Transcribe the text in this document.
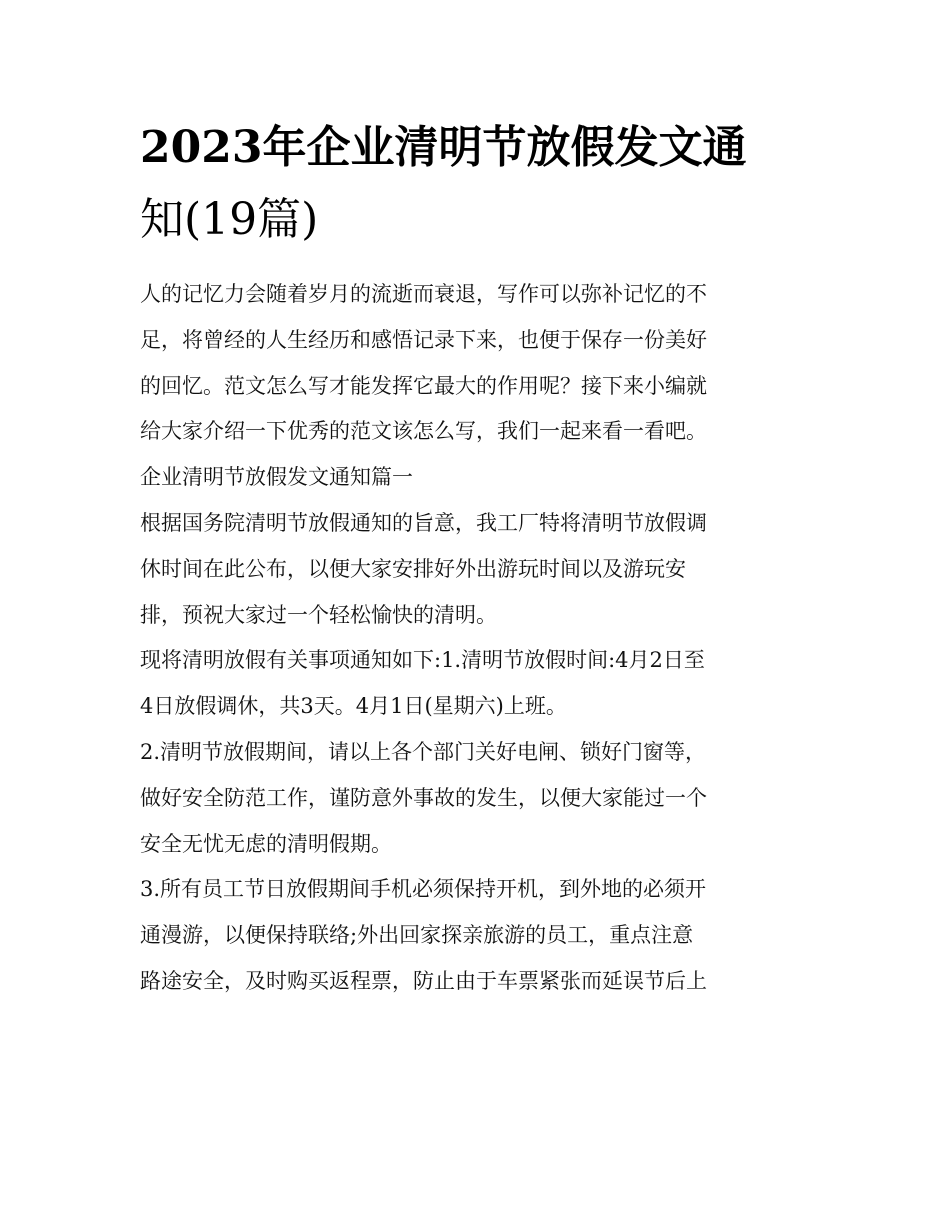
2023年企业清明节放假发文通
知(19篇)

人的记忆力会随着岁月的流逝而衰退，写作可以弥补记忆的不
足，将曾经的人生经历和感悟记录下来，也便于保存一份美好
的回忆。范文怎么写才能发挥它最大的作用呢？接下来小编就
给大家介绍一下优秀的范文该怎么写，我们一起来看一看吧。

企业清明节放假发文通知篇一

根据国务院清明节放假通知的旨意，我工厂特将清明节放假调
休时间在此公布，以便大家安排好外出游玩时间以及游玩安
排，预祝大家过一个轻松愉快的清明。

现将清明放假有关事项通知如下:1.清明节放假时间:4月2日至
4日放假调休，共3天。4月1日(星期六)上班。

2.清明节放假期间，请以上各个部门关好电闸、锁好门窗等，
做好安全防范工作，谨防意外事故的发生，以便大家能过一个
安全无忧无虑的清明假期。

3.所有员工节日放假期间手机必须保持开机，到外地的必须开
通漫游，以便保持联络;外出回家探亲旅游的员工，重点注意
路途安全，及时购买返程票，防止由于车票紧张而延误节后上
